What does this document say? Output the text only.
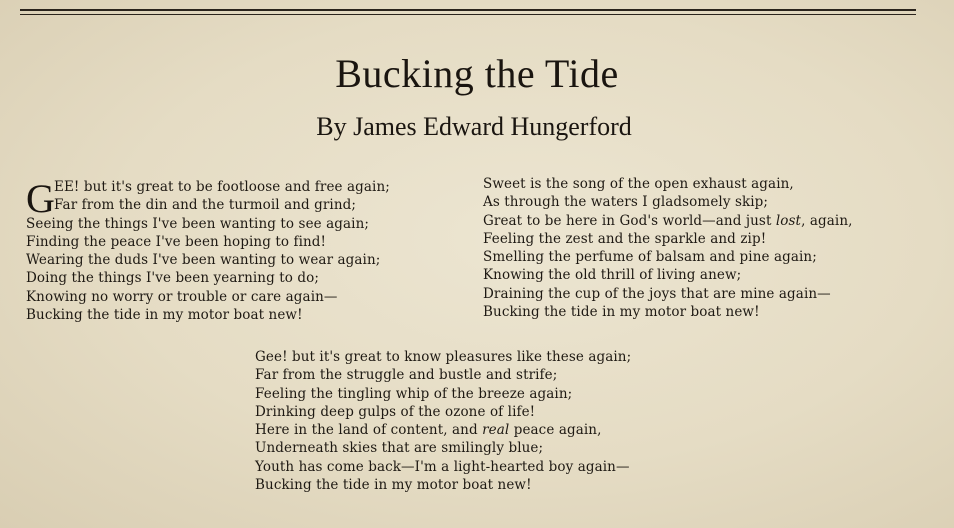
Bucking the Tide
By James Edward Hungerford
G EE! but it's great to be footloose and free again;
Far from the din and the turmoil and grind;
Seeing the things I've been wanting to see again;
Finding the peace I've been hoping to find!
Wearing the duds I've been wanting to wear again;
Doing the things I've been yearning to do;
Knowing no worry or trouble or care again—
Bucking the tide in my motor boat new!
Sweet is the song of the open exhaust again,
As through the waters I gladsomely skip;
Great to be here in God's world—and just lost, again,
Feeling the zest and the sparkle and zip!
Smelling the perfume of balsam and pine again;
Knowing the old thrill of living anew;
Draining the cup of the joys that are mine again—
Bucking the tide in my motor boat new!
Gee! but it's great to know pleasures like these again;
Far from the struggle and bustle and strife;
Feeling the tingling whip of the breeze again;
Drinking deep gulps of the ozone of life!
Here in the land of content, and real peace again,
Underneath skies that are smilingly blue;
Youth has come back—I'm a light-hearted boy again—
Bucking the tide in my motor boat new!
